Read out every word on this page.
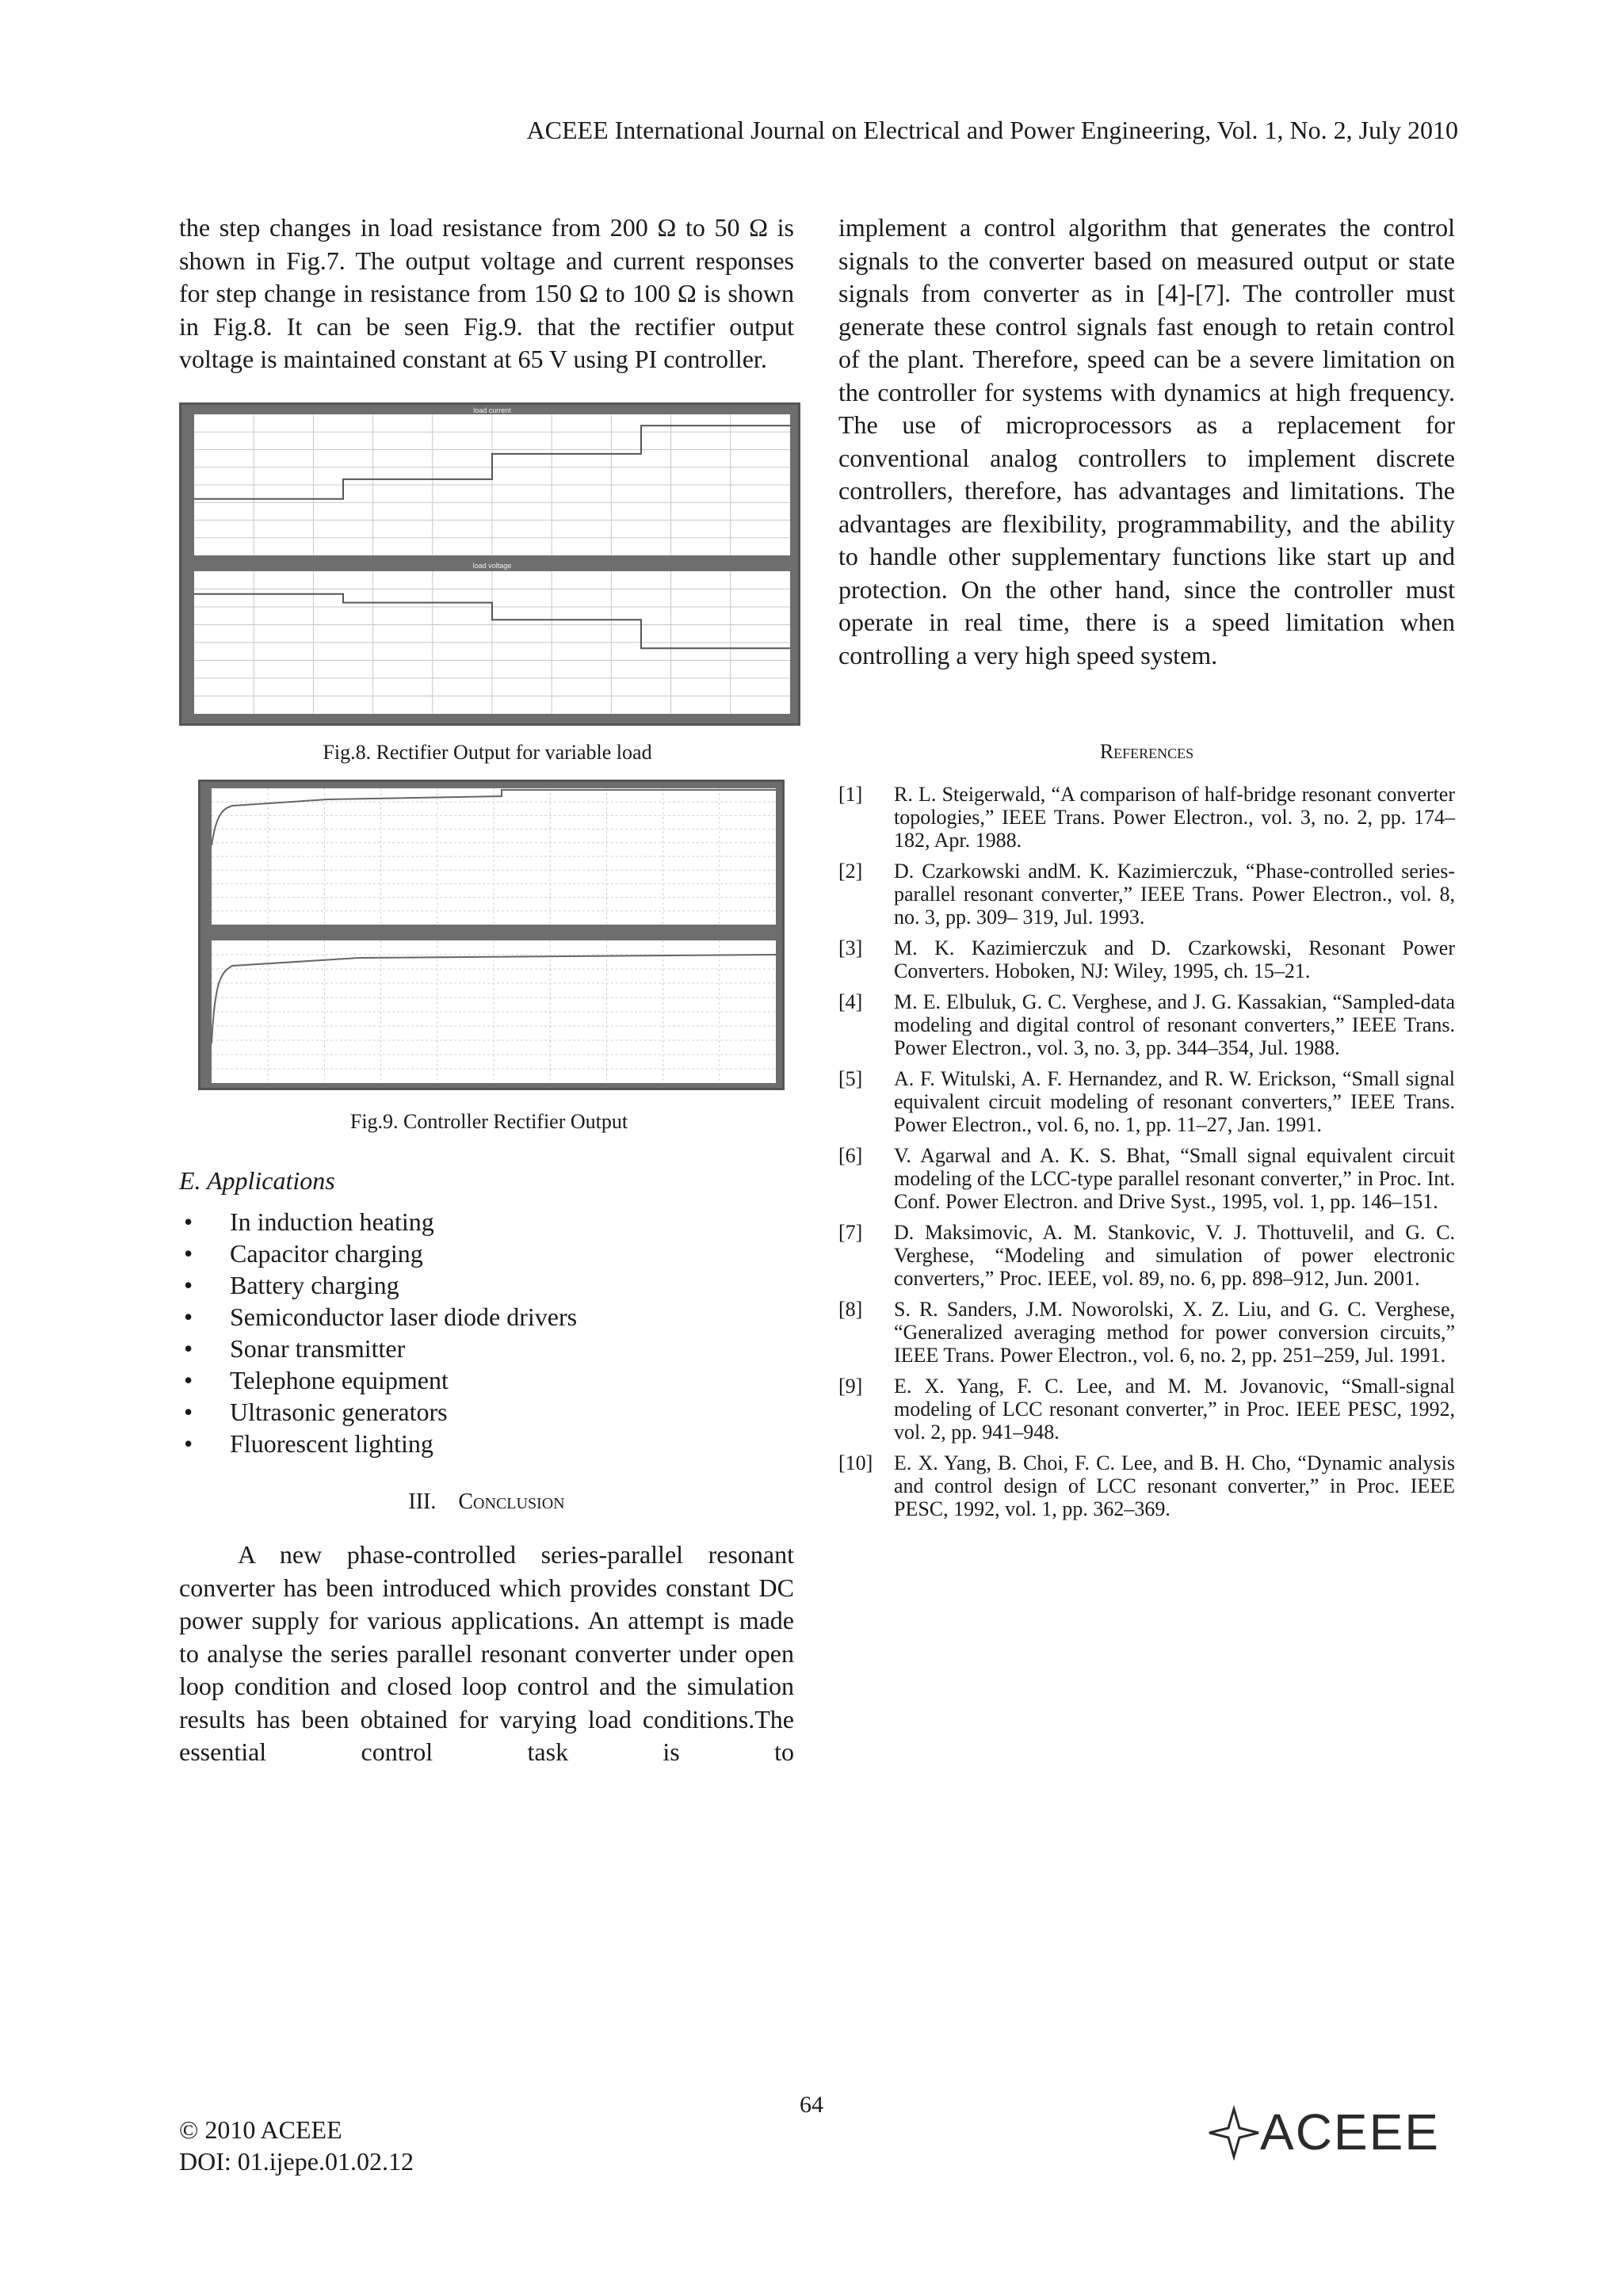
ACEEE International Journal on Electrical and Power Engineering, Vol. 1, No. 2, July 2010

the step changes in load resistance from 200 Ω to 50 Ω is shown in Fig.7. The output voltage and current responses for step change in resistance from 150 Ω to 100 Ω is shown in Fig.8. It can be seen Fig.9. that the rectifier output voltage is maintained constant at 65 V using PI controller.

load current
load voltage
Fig.8. Rectifier Output for variable load
Fig.9. Controller Rectifier Output
E. Applications
• In induction heating
• Capacitor charging
• Battery charging
• Semiconductor laser diode drivers
• Sonar transmitter
• Telephone equipment
• Ultrasonic generators
• Fluorescent lighting
III. Conclusion

A new phase-controlled series-parallel resonant converter has been introduced which provides constant DC power supply for various applications. An attempt is made to analyse the series parallel resonant converter under open loop condition and closed loop control and the simulation results has been obtained for varying load conditions.The essential control task is to

implement a control algorithm that generates the control signals to the converter based on measured output or state signals from converter as in [4]-[7]. The controller must generate these control signals fast enough to retain control of the plant. Therefore, speed can be a severe limitation on the controller for systems with dynamics at high frequency. The use of microprocessors as a replacement for conventional analog controllers to implement discrete controllers, therefore, has advantages and limitations. The advantages are flexibility, programmability, and the ability to handle other supplementary functions like start up and protection. On the other hand, since the controller must operate in real time, there is a speed limitation when controlling a very high speed system.

References
[1] R. L. Steigerwald, “A comparison of half-bridge resonant converter topologies,” IEEE Trans. Power Electron., vol. 3, no. 2, pp. 174–182, Apr. 1988.
[2] D. Czarkowski andM. K. Kazimierczuk, “Phase-controlled series-parallel resonant converter,” IEEE Trans. Power Electron., vol. 8, no. 3, pp. 309– 319, Jul. 1993.
[3] M. K. Kazimierczuk and D. Czarkowski, Resonant Power Converters. Hoboken, NJ: Wiley, 1995, ch. 15–21.
[4] M. E. Elbuluk, G. C. Verghese, and J. G. Kassakian, “Sampled-data modeling and digital control of resonant converters,” IEEE Trans. Power Electron., vol. 3, no. 3, pp. 344–354, Jul. 1988.
[5] A. F. Witulski, A. F. Hernandez, and R. W. Erickson, “Small signal equivalent circuit modeling of resonant converters,” IEEE Trans. Power Electron., vol. 6, no. 1, pp. 11–27, Jan. 1991.
[6] V. Agarwal and A. K. S. Bhat, “Small signal equivalent circuit modeling of the LCC-type parallel resonant converter,” in Proc. Int. Conf. Power Electron. and Drive Syst., 1995, vol. 1, pp. 146–151.
[7] D. Maksimovic, A. M. Stankovic, V. J. Thottuvelil, and G. C. Verghese, “Modeling and simulation of power electronic converters,” Proc. IEEE, vol. 89, no. 6, pp. 898–912, Jun. 2001.
[8] S. R. Sanders, J.M. Noworolski, X. Z. Liu, and G. C. Verghese, “Generalized averaging method for power conversion circuits,” IEEE Trans. Power Electron., vol. 6, no. 2, pp. 251–259, Jul. 1991.
[9] E. X. Yang, F. C. Lee, and M. M. Jovanovic, “Small-signal modeling of LCC resonant converter,” in Proc. IEEE PESC, 1992, vol. 2, pp. 941–948.
[10] E. X. Yang, B. Choi, F. C. Lee, and B. H. Cho, “Dynamic analysis and control design of LCC resonant converter,” in Proc. IEEE PESC, 1992, vol. 1, pp. 362–369.
64
© 2010 ACEEE
DOI: 01.ijepe.01.02.12
ACEEE
